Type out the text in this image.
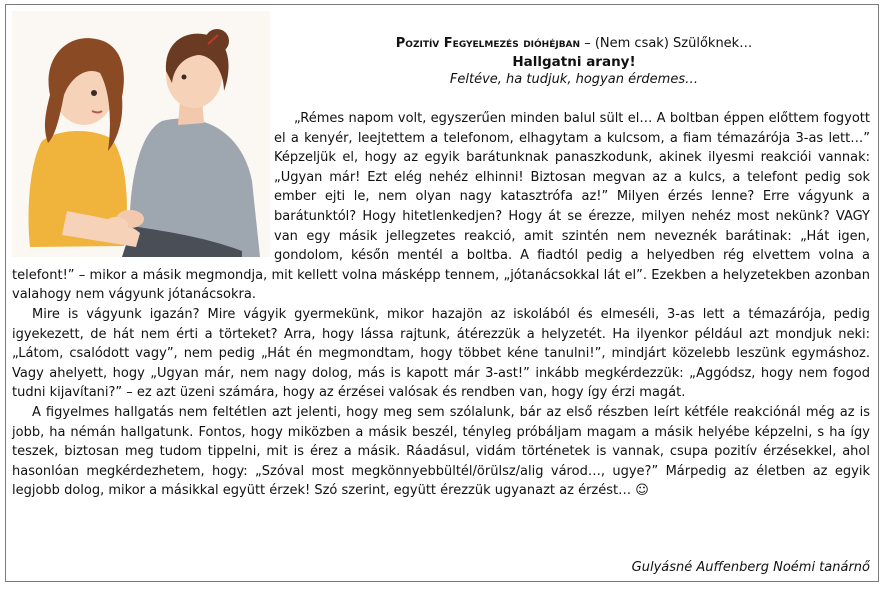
Pozitív Fegyelmezés dióhéjban – (Nem csak) Szülőknek…
Hallgatni arany!
Feltéve, ha tudjuk, hogyan érdemes…

„Rémes napom volt, egyszerűen minden balul sült el… A boltban éppen előttem fogyott el a kenyér, leejtettem a telefonom, elhagytam a kulcsom, a fiam témazárója 3-as lett…” Képzeljük el, hogy az egyik barátunknak panaszkodunk, akinek ilyesmi reakciói vannak: „Ugyan már! Ezt elég nehéz elhinni! Biztosan megvan az a kulcs, a telefont pedig sok ember ejti le, nem olyan nagy katasztrófa az!” Milyen érzés lenne? Erre vágyunk a barátunktól? Hogy hitetlenkedjen? Hogy át se érezze, milyen nehéz most nekünk? VAGY van egy másik jellegzetes reakció, amit szintén nem neveznék barátinak: „Hát igen, gondolom, későn mentél a boltba. A fiadtól pedig a helyedben rég elvettem volna a telefont!” – mikor a másik megmondja, mit kellett volna másképp tennem, „jótanácsokkal lát el”. Ezekben a helyzetekben azonban valahogy nem vágyunk jótanácsokra.

Mire is vágyunk igazán? Mire vágyik gyermekünk, mikor hazajön az iskolából és elmeséli, 3-as lett a témazárója, pedig igyekezett, de hát nem érti a törteket? Arra, hogy lássa rajtunk, átérezzük a helyzetét. Ha ilyenkor például azt mondjuk neki: „Látom, csalódott vagy”, nem pedig „Hát én megmondtam, hogy többet kéne tanulni!”, mindjárt közelebb leszünk egymáshoz. Vagy ahelyett, hogy „Ugyan már, nem nagy dolog, más is kapott már 3-ast!” inkább megkérdezzük: „Aggódsz, hogy nem fogod tudni kijavítani?” – ez azt üzeni számára, hogy az érzései valósak és rendben van, hogy így érzi magát.

A figyelmes hallgatás nem feltétlen azt jelenti, hogy meg sem szólalunk, bár az első részben leírt kétféle reakciónál még az is jobb, ha némán hallgatunk. Fontos, hogy miközben a másik beszél, tényleg próbáljam magam a másik helyébe képzelni, s ha így teszek, biztosan meg tudom tippelni, mit is érez a másik. Ráadásul, vidám történetek is vannak, csupa pozitív érzésekkel, ahol hasonlóan megkérdezhetem, hogy: „Szóval most megkönnyebbültél/örülsz/alig várod…, ugye?” Márpedig az életben az egyik legjobb dolog, mikor a másikkal együtt érzek! Szó szerint, együtt érezzük ugyanazt az érzést… ☺

Gulyásné Auffenberg Noémi tanárnő
